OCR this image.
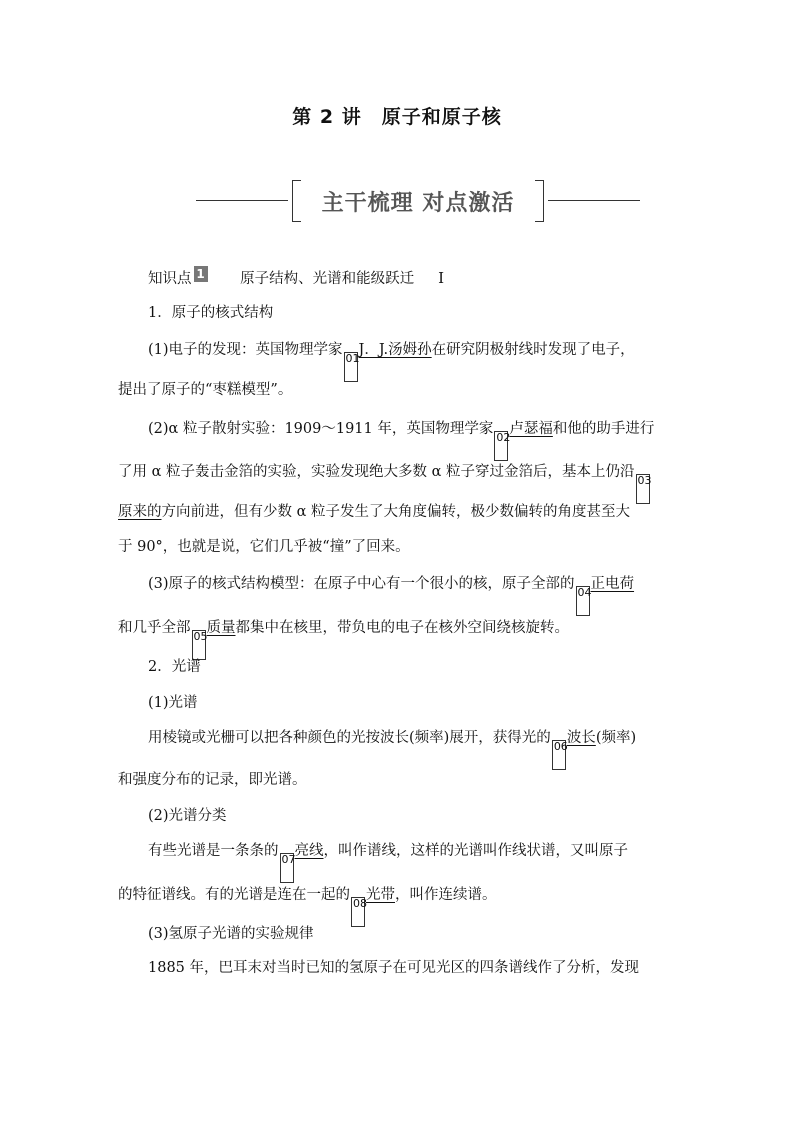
第 2 讲　原子和原子核
主干梳理 对点激活
知识点 1 原子结构、光谱和能级跃迁 Ⅰ
1．原子的核式结构
(1)电子的发现：英国物理学家01J．J.汤姆孙在研究阴极射线时发现了电子，
提出了原子的“枣糕模型”。
(2)α 粒子散射实验：1909～1911 年，英国物理学家02卢瑟福和他的助手进行
了用 α 粒子轰击金箔的实验，实验发现绝大多数 α 粒子穿过金箔后，基本上仍沿03
原来的方向前进，但有少数 α 粒子发生了大角度偏转，极少数偏转的角度甚至大
于 90°，也就是说，它们几乎被“撞”了回来。
(3)原子的核式结构模型：在原子中心有一个很小的核，原子全部的04正电荷
和几乎全部05质量都集中在核里，带负电的电子在核外空间绕核旋转。
2．光谱
(1)光谱
用棱镜或光栅可以把各种颜色的光按波长(频率)展开，获得光的06波长(频率)
和强度分布的记录，即光谱。
(2)光谱分类
有些光谱是一条条的07亮线，叫作谱线，这样的光谱叫作线状谱，又叫原子
的特征谱线。有的光谱是连在一起的08光带，叫作连续谱。
(3)氢原子光谱的实验规律
1885 年，巴耳末对当时已知的氢原子在可见光区的四条谱线作了分析，发现
